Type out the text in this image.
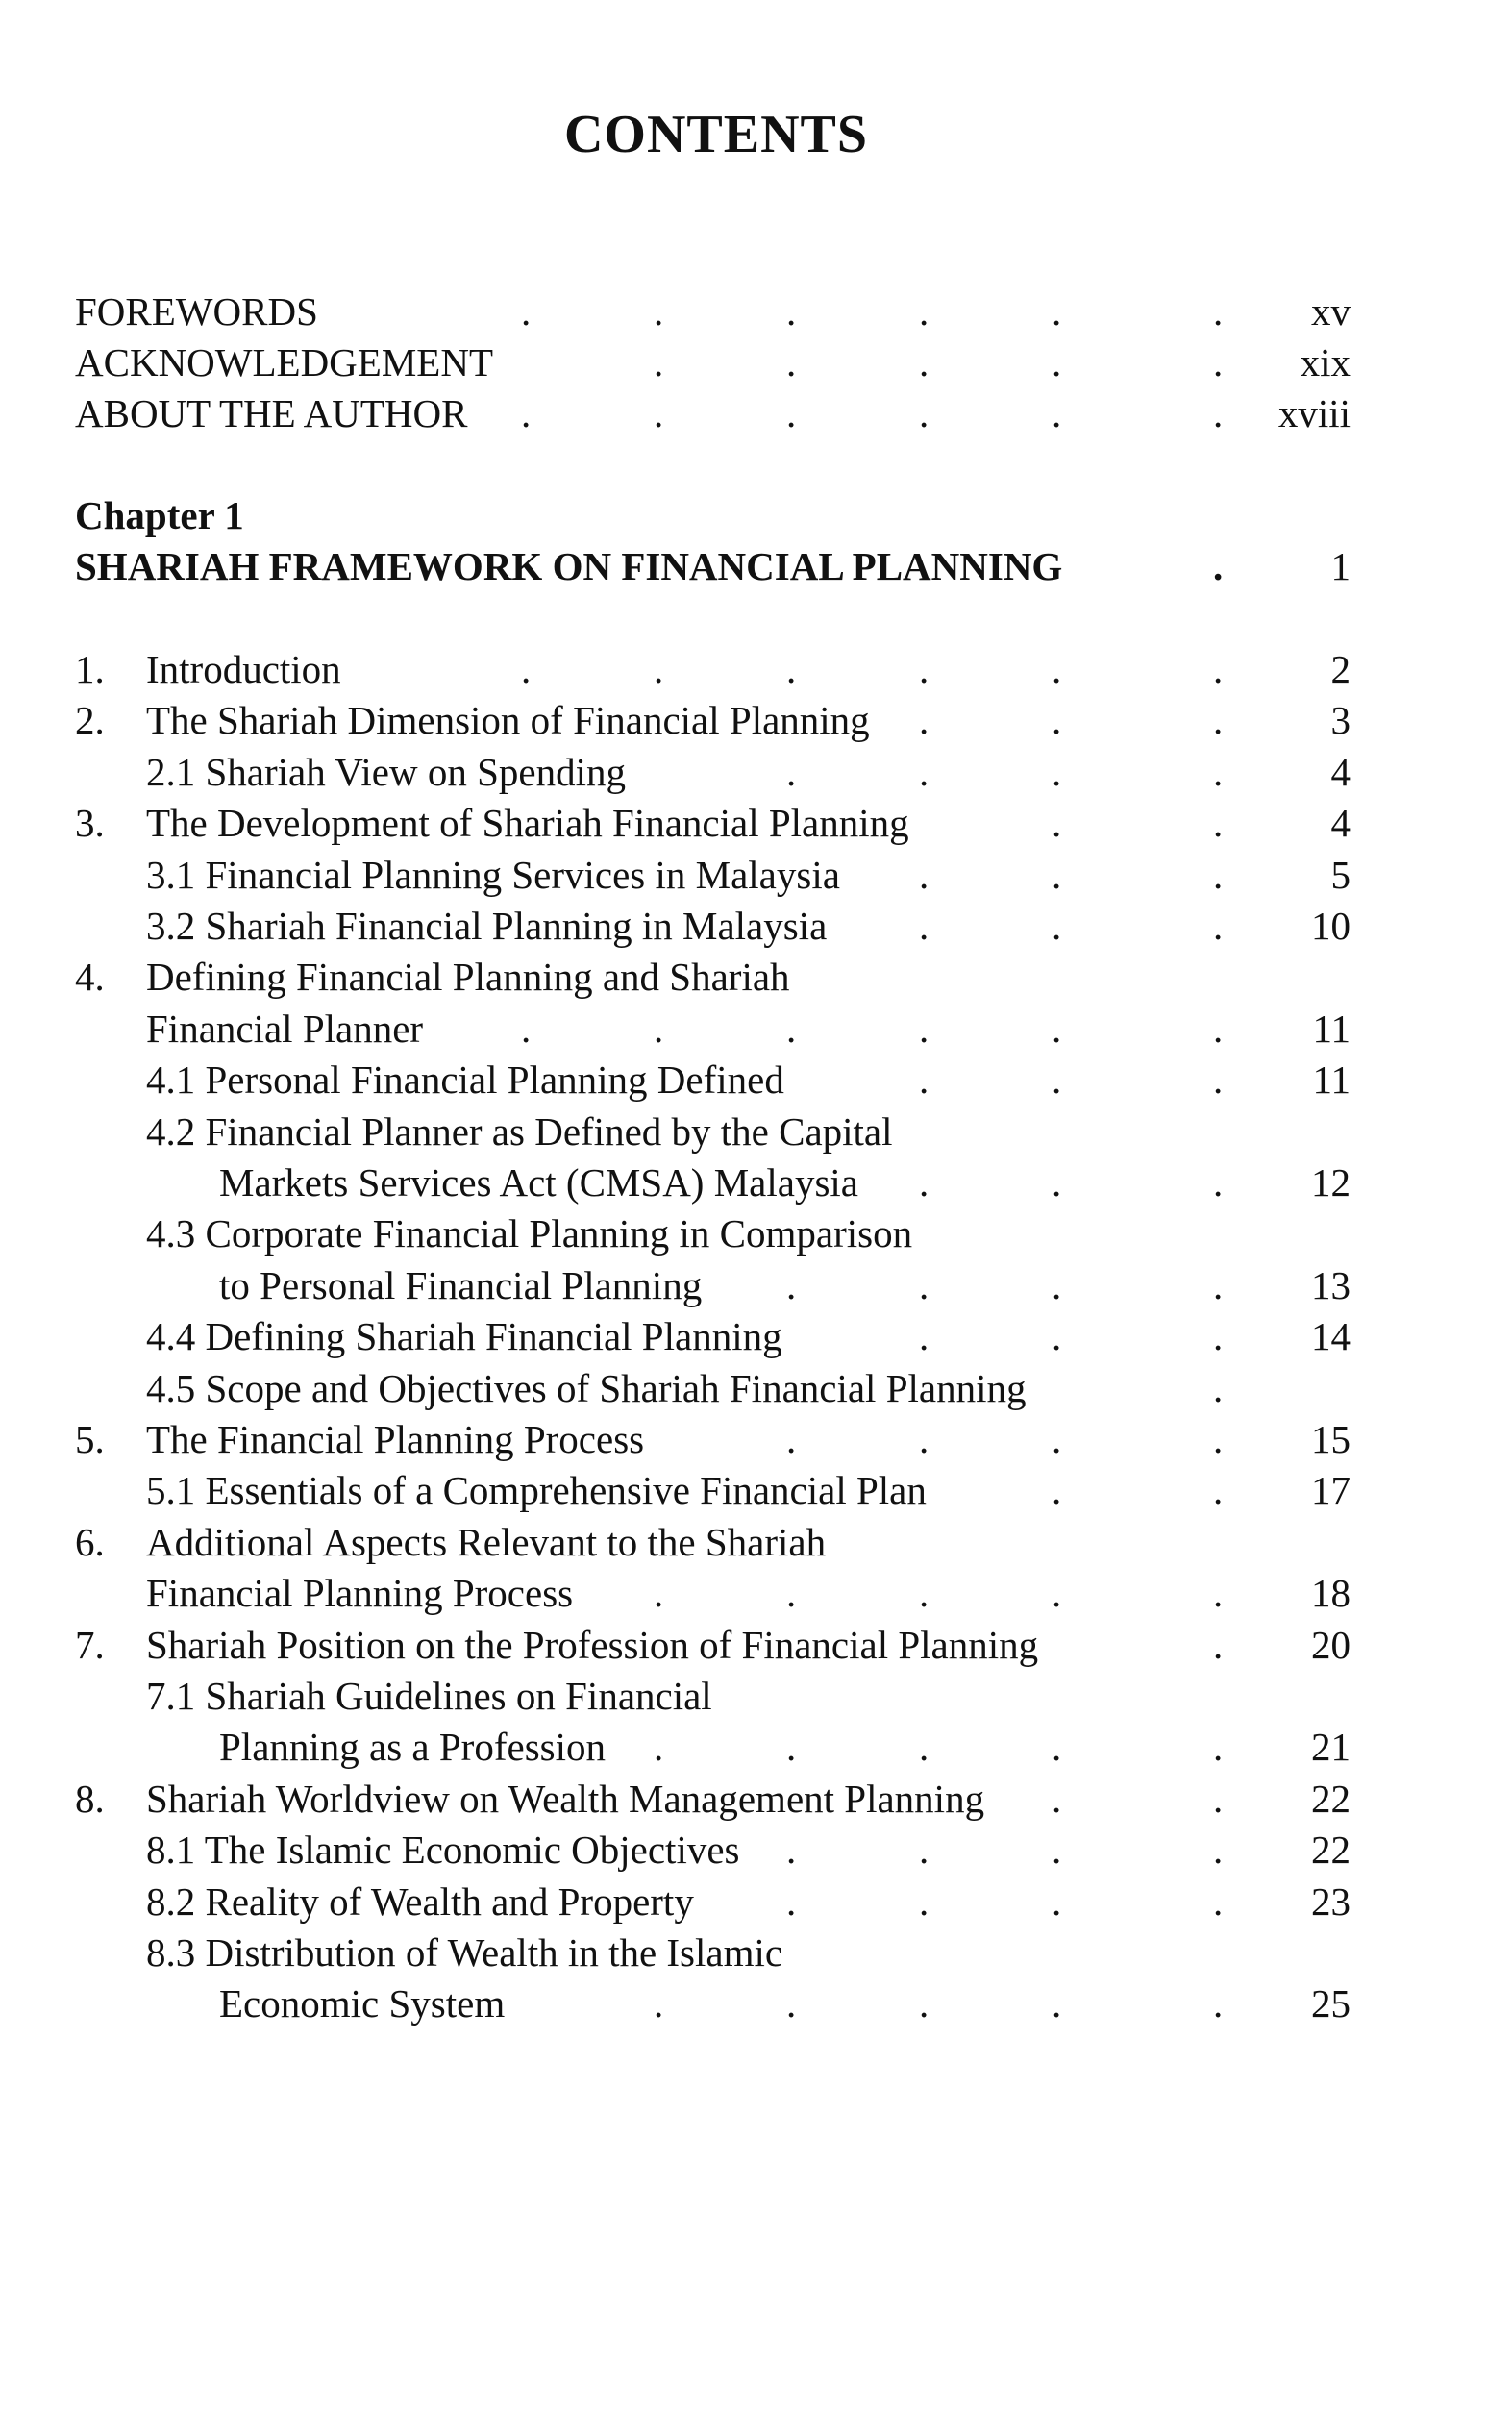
CONTENTS
FOREWORDS	.	.	.	.	.	. xv
ACKNOWLEDGEMENT	.	.	.	.	. xix
ABOUT THE AUTHOR .	.	.	.	.	. xviii
Chapter 1
SHARIAH FRAMEWORK ON FINANCIAL PLANNING	1
.
1.	Introduction	.	.	.	.	.	.	2
2.	The Shariah Dimension of Financial Planning .	.	.	3
2.1 Shariah View on Spending	.	.	.	.	4
3.	The Development of Shariah Financial Planning	.	.	4
3.1 Financial Planning Services in Malaysia .	.	.	5
3.2 Shariah Financial Planning in Malaysia .	.	. 10
4.	Defining Financial Planning and Shariah
Financial Planner .	.	.	.	.	. 11
4.1 Personal Financial Planning Defined	.	.	. 11
4.2 Financial Planner as Defined by the Capital
Markets Services Act (CMSA) Malaysia .	.	. 12
4.3 Corporate Financial Planning in Comparison
to Personal Financial Planning .	.	.	. 13
4.4 Defining Shariah Financial Planning	.	.	. 14
4.5 Scope and Objectives of Shariah Financial Planning	.
5.	The Financial Planning Process	.	.	.	. 15
5.1 Essentials of a Comprehensive Financial Plan	.	. 17
6.	Additional Aspects Relevant to the Shariah
Financial Planning Process .	.	.	.	. 18
7.	Shariah Position on the Profession of Financial Planning	. 20
7.1 Shariah Guidelines on Financial
Planning as a Profession .	.	.	.	. 21
8.	Shariah Worldview on Wealth Management Planning .	. 22
8.1 The Islamic Economic Objectives .	.	.	. 22
8.2 Reality of Wealth and Property .	.	.	. 23
8.3 Distribution of Wealth in the Islamic
Economic System	.	.	.	.	. 25
